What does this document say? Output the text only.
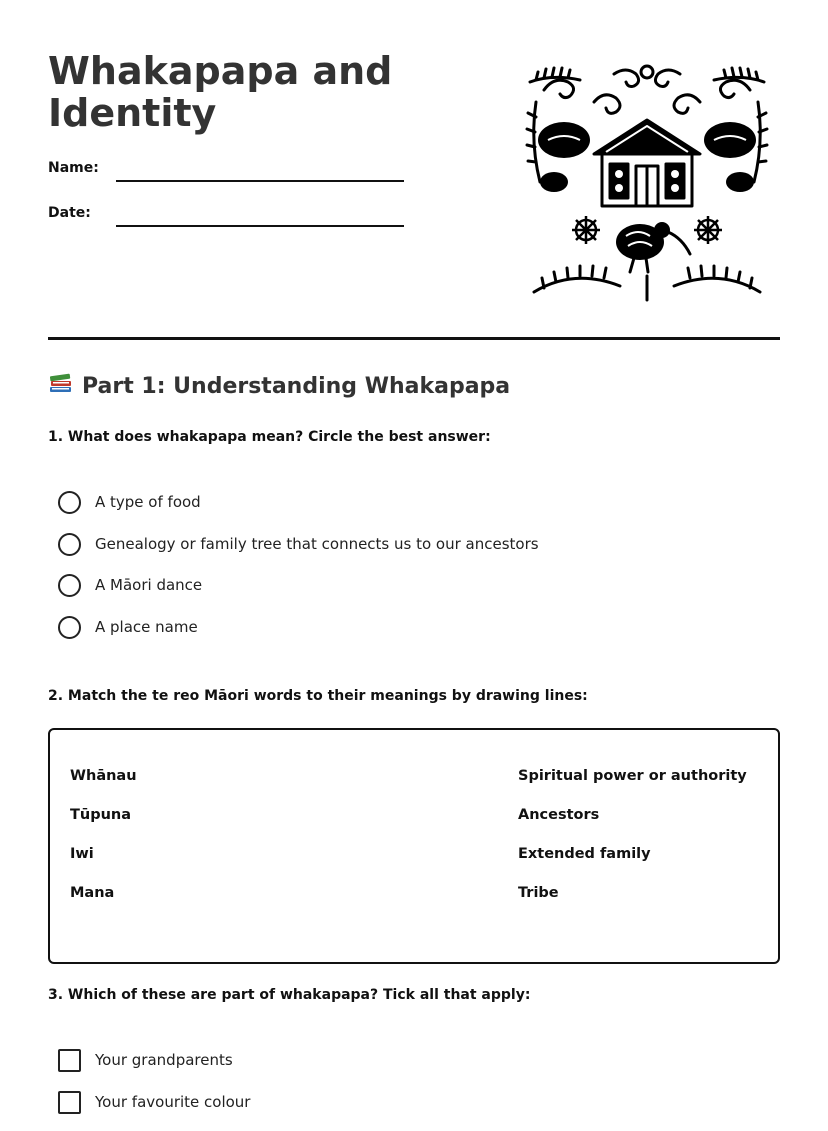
Whakapapa and Identity
Name:
Date:
Part 1: Understanding Whakapapa
1. What does whakapapa mean? Circle the best answer:
A type of food
Genealogy or family tree that connects us to our ancestors
A Māori dance
A place name
2. Match the te reo Māori words to their meanings by drawing lines:
Whānau
Tūpuna
Iwi
Mana
Spiritual power or authority
Ancestors
Extended family
Tribe
3. Which of these are part of whakapapa? Tick all that apply:
Your grandparents
Your favourite colour
